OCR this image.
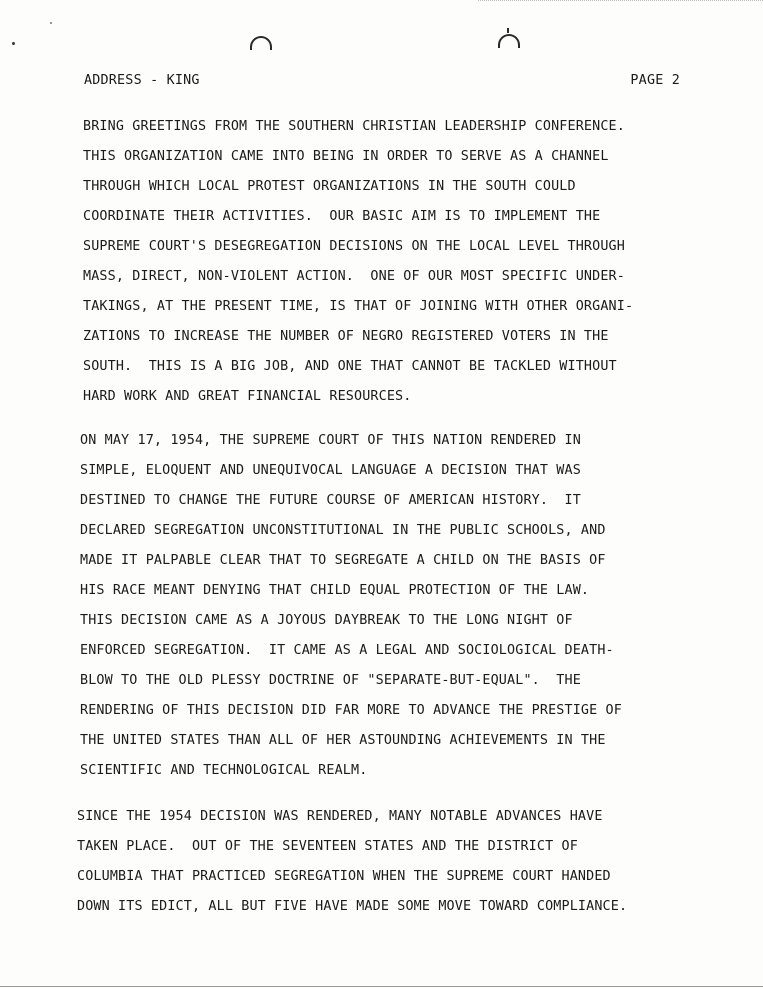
ADDRESS - KING	PAGE 2
BRING GREETINGS FROM THE SOUTHERN CHRISTIAN LEADERSHIP CONFERENCE.
THIS ORGANIZATION CAME INTO BEING IN ORDER TO SERVE AS A CHANNEL
THROUGH WHICH LOCAL PROTEST ORGANIZATIONS IN THE SOUTH COULD
COORDINATE THEIR ACTIVITIES.  OUR BASIC AIM IS TO IMPLEMENT THE
SUPREME COURT'S DESEGREGATION DECISIONS ON THE LOCAL LEVEL THROUGH
MASS, DIRECT, NON-VIOLENT ACTION.  ONE OF OUR MOST SPECIFIC UNDER-
TAKINGS, AT THE PRESENT TIME, IS THAT OF JOINING WITH OTHER ORGANI-
ZATIONS TO INCREASE THE NUMBER OF NEGRO REGISTERED VOTERS IN THE
SOUTH.  THIS IS A BIG JOB, AND ONE THAT CANNOT BE TACKLED WITHOUT
HARD WORK AND GREAT FINANCIAL RESOURCES.
ON MAY 17, 1954, THE SUPREME COURT OF THIS NATION RENDERED IN
SIMPLE, ELOQUENT AND UNEQUIVOCAL LANGUAGE A DECISION THAT WAS
DESTINED TO CHANGE THE FUTURE COURSE OF AMERICAN HISTORY.  IT
DECLARED SEGREGATION UNCONSTITUTIONAL IN THE PUBLIC SCHOOLS, AND
MADE IT PALPABLE CLEAR THAT TO SEGREGATE A CHILD ON THE BASIS OF
HIS RACE MEANT DENYING THAT CHILD EQUAL PROTECTION OF THE LAW.
THIS DECISION CAME AS A JOYOUS DAYBREAK TO THE LONG NIGHT OF
ENFORCED SEGREGATION.  IT CAME AS A LEGAL AND SOCIOLOGICAL DEATH-
BLOW TO THE OLD PLESSY DOCTRINE OF "SEPARATE-BUT-EQUAL".  THE
RENDERING OF THIS DECISION DID FAR MORE TO ADVANCE THE PRESTIGE OF
THE UNITED STATES THAN ALL OF HER ASTOUNDING ACHIEVEMENTS IN THE
SCIENTIFIC AND TECHNOLOGICAL REALM.
SINCE THE 1954 DECISION WAS RENDERED, MANY NOTABLE ADVANCES HAVE
TAKEN PLACE.  OUT OF THE SEVENTEEN STATES AND THE DISTRICT OF
COLUMBIA THAT PRACTICED SEGREGATION WHEN THE SUPREME COURT HANDED
DOWN ITS EDICT, ALL BUT FIVE HAVE MADE SOME MOVE TOWARD COMPLIANCE.
